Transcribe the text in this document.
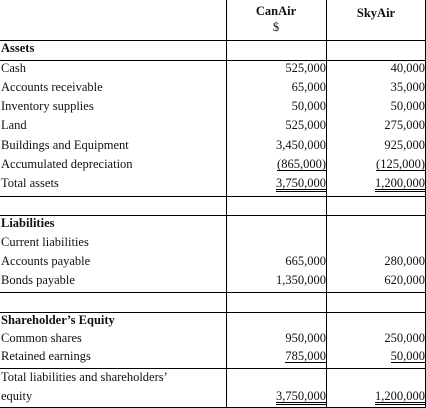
CanAir
$
SkyAir
Assets
Cash	525,000	40,000
Accounts receivable	65,000	35,000
Inventory supplies	50,000	50,000
Land	525,000	275,000
Buildings and Equipment	3,450,000	925,000
Accumulated depreciation	(865,000)	(125,000)
Total assets	3,750,000	1,200,000
Liabilities
Current liabilities
Accounts payable	665,000	280,000
Bonds payable	1,350,000	620,000
Shareholder’s Equity
Common shares	950,000	250,000
Retained earnings	785,000	50,000
Total liabilities and shareholders’
equity	3,750,000	1,200,000
